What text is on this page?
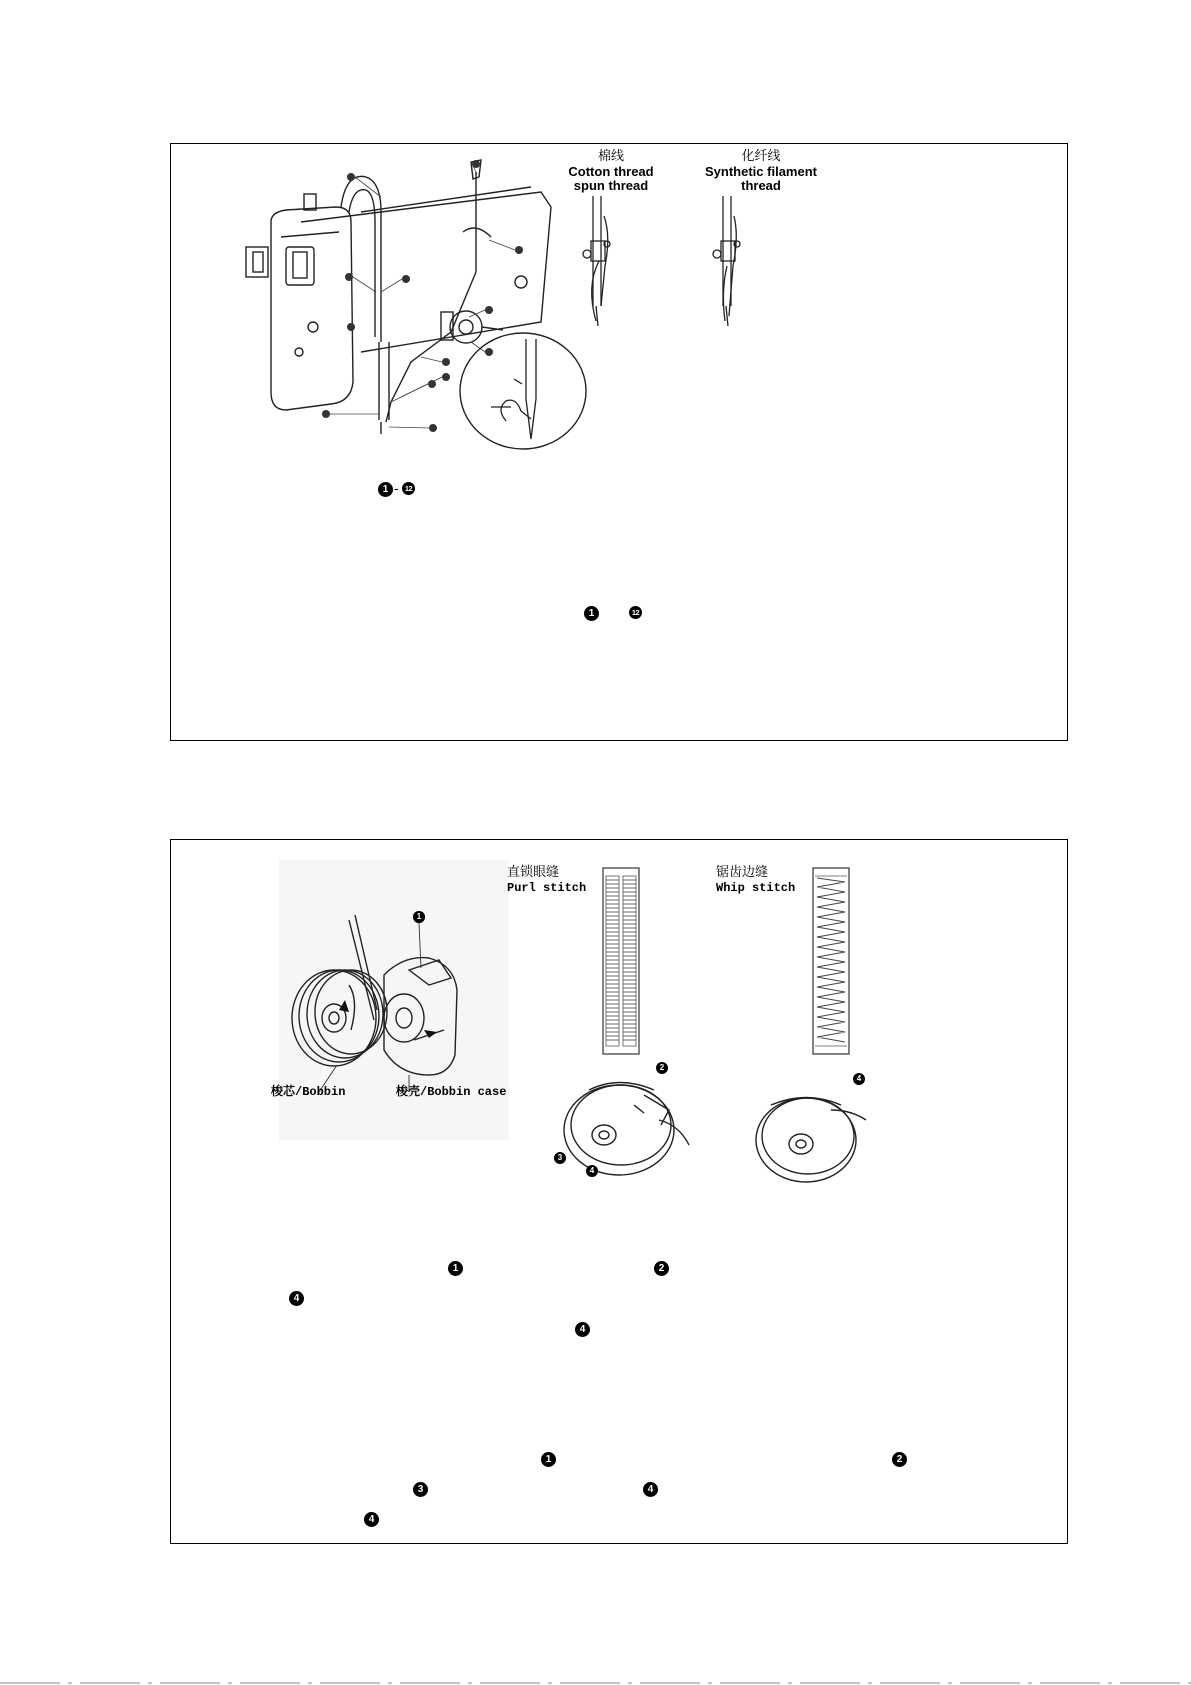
棉线
Cotton thread
spun thread
化纤线
Synthetic filament
thread
1 - 12
1	12
1
梭芯/Bobbin	梭壳/Bobbin case
直锁眼缝
Purl stitch
锯齿边缝
Whip stitch
2
3
4
4
1	2
4
4
1	2
3	4
4
